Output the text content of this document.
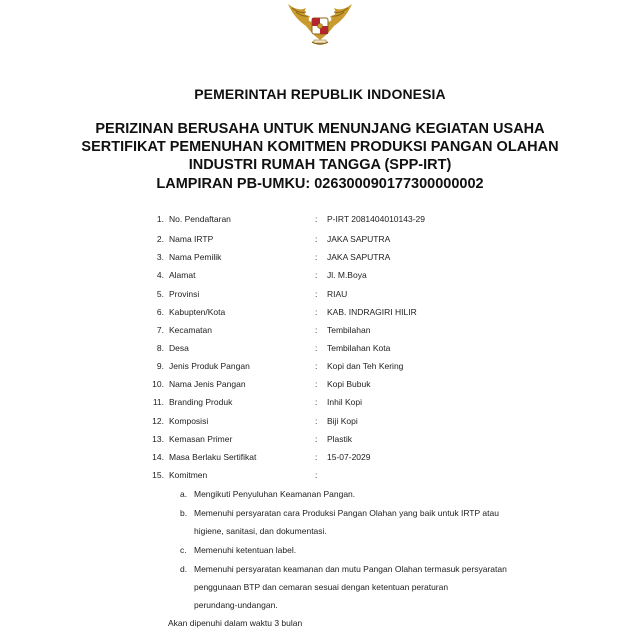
PEMERINTAH REPUBLIK INDONESIA
PERIZINAN BERUSAHA UNTUK MENUNJANG KEGIATAN USAHA
SERTIFIKAT PEMENUHAN KOMITMEN PRODUKSI PANGAN OLAHAN
INDUSTRI RUMAH TANGGA (SPP-IRT)
LAMPIRAN PB-UMKU: 026300090177300000002
1. No. Pendaftaran	: P-IRT 2081404010143-29
2. Nama IRTP	: JAKA SAPUTRA
3. Nama Pemilik	: JAKA SAPUTRA
4. Alamat	: Jl. M.Boya
5. Provinsi	: RIAU
6. Kabupten/Kota	: KAB. INDRAGIRI HILIR
7. Kecamatan	: Tembilahan
8. Desa	: Tembilahan Kota
9. Jenis Produk Pangan	: Kopi dan Teh Kering
10. Nama Jenis Pangan	: Kopi Bubuk
11. Branding Produk	: Inhil Kopi
12. Komposisi	: Biji Kopi
13. Kemasan Primer	: Plastik
14. Masa Berlaku Sertifikat	: 15-07-2029
15. Komitmen	:
a. Mengikuti Penyuluhan Keamanan Pangan.
b. Memenuhi persyaratan cara Produksi Pangan Olahan yang baik untuk IRTP atau
higiene, sanitasi, dan dokumentasi.
c. Memenuhi ketentuan label.
d. Memenuhi persyaratan keamanan dan mutu Pangan Olahan termasuk persyaratan
penggunaan BTP dan cemaran sesuai dengan ketentuan peraturan
perundang-undangan.
Akan dipenuhi dalam waktu 3 bulan
